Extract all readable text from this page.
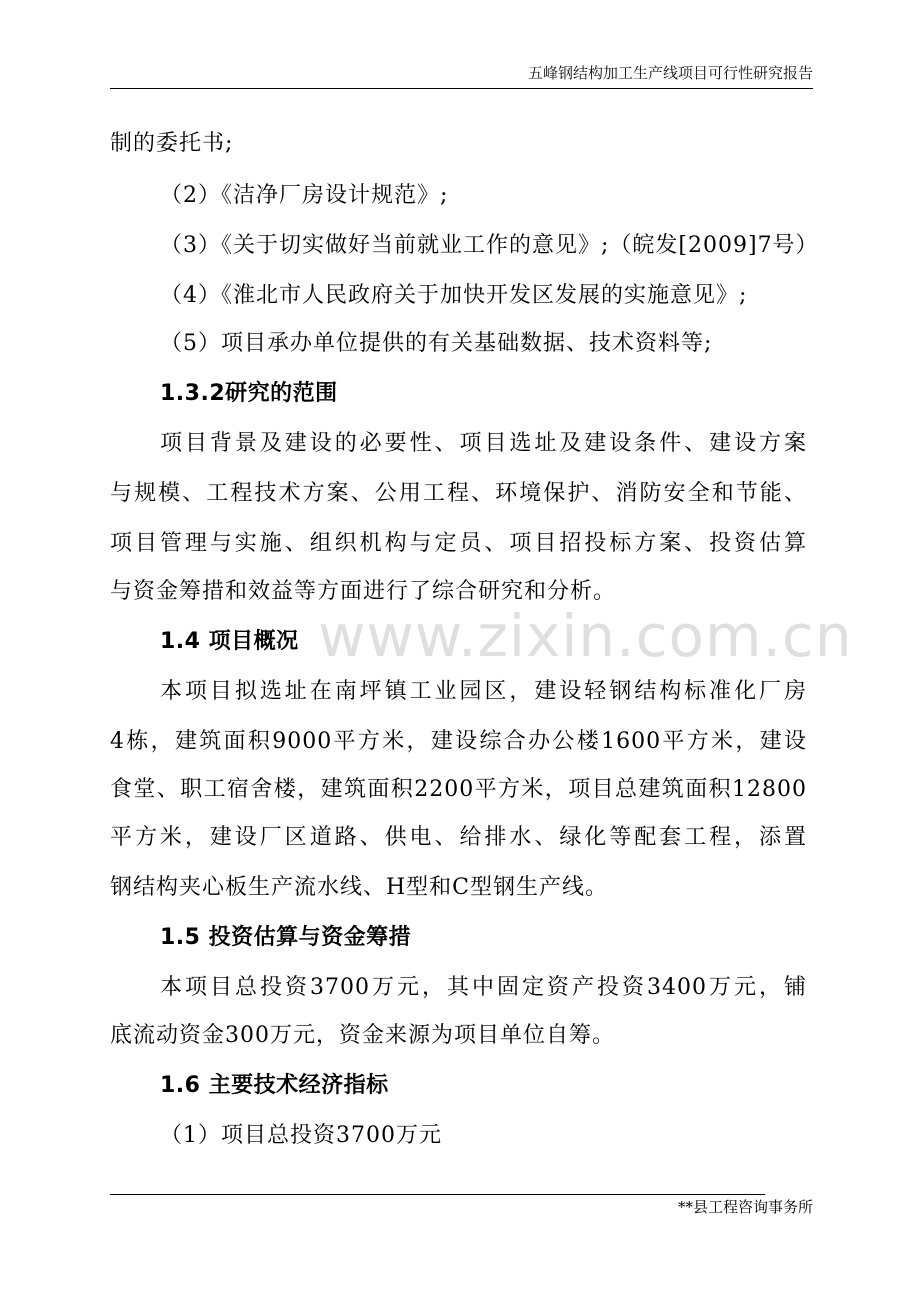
五峰钢结构加工生产线项目可行性研究报告
www.zixin.com.cn
制的委托书;
（2）《洁净厂房设计规范》;
（3）《关于切实做好当前就业工作的意见》;（皖发[2009]7号）
（4）《淮北市人民政府关于加快开发区发展的实施意见》;
（5）项目承办单位提供的有关基础数据、技术资料等;
1.3.2研究的范围
项目背景及建设的必要性、项目选址及建设条件、建设方案
与规模、工程技术方案、公用工程、环境保护、消防安全和节能、
项目管理与实施、组织机构与定员、项目招投标方案、投资估算
与资金筹措和效益等方面进行了综合研究和分析。
1.4 项目概况
本项目拟选址在南坪镇工业园区，建设轻钢结构标准化厂房
4栋，建筑面积9000平方米，建设综合办公楼1600平方米，建设
食堂、职工宿舍楼，建筑面积2200平方米，项目总建筑面积12800
平方米，建设厂区道路、供电、给排水、绿化等配套工程，添置
钢结构夹心板生产流水线、H型和C型钢生产线。
1.5 投资估算与资金筹措
本项目总投资3700万元，其中固定资产投资3400万元，铺
底流动资金300万元，资金来源为项目单位自筹。
1.6 主要技术经济指标
（1）项目总投资3700万元
**县工程咨询事务所
